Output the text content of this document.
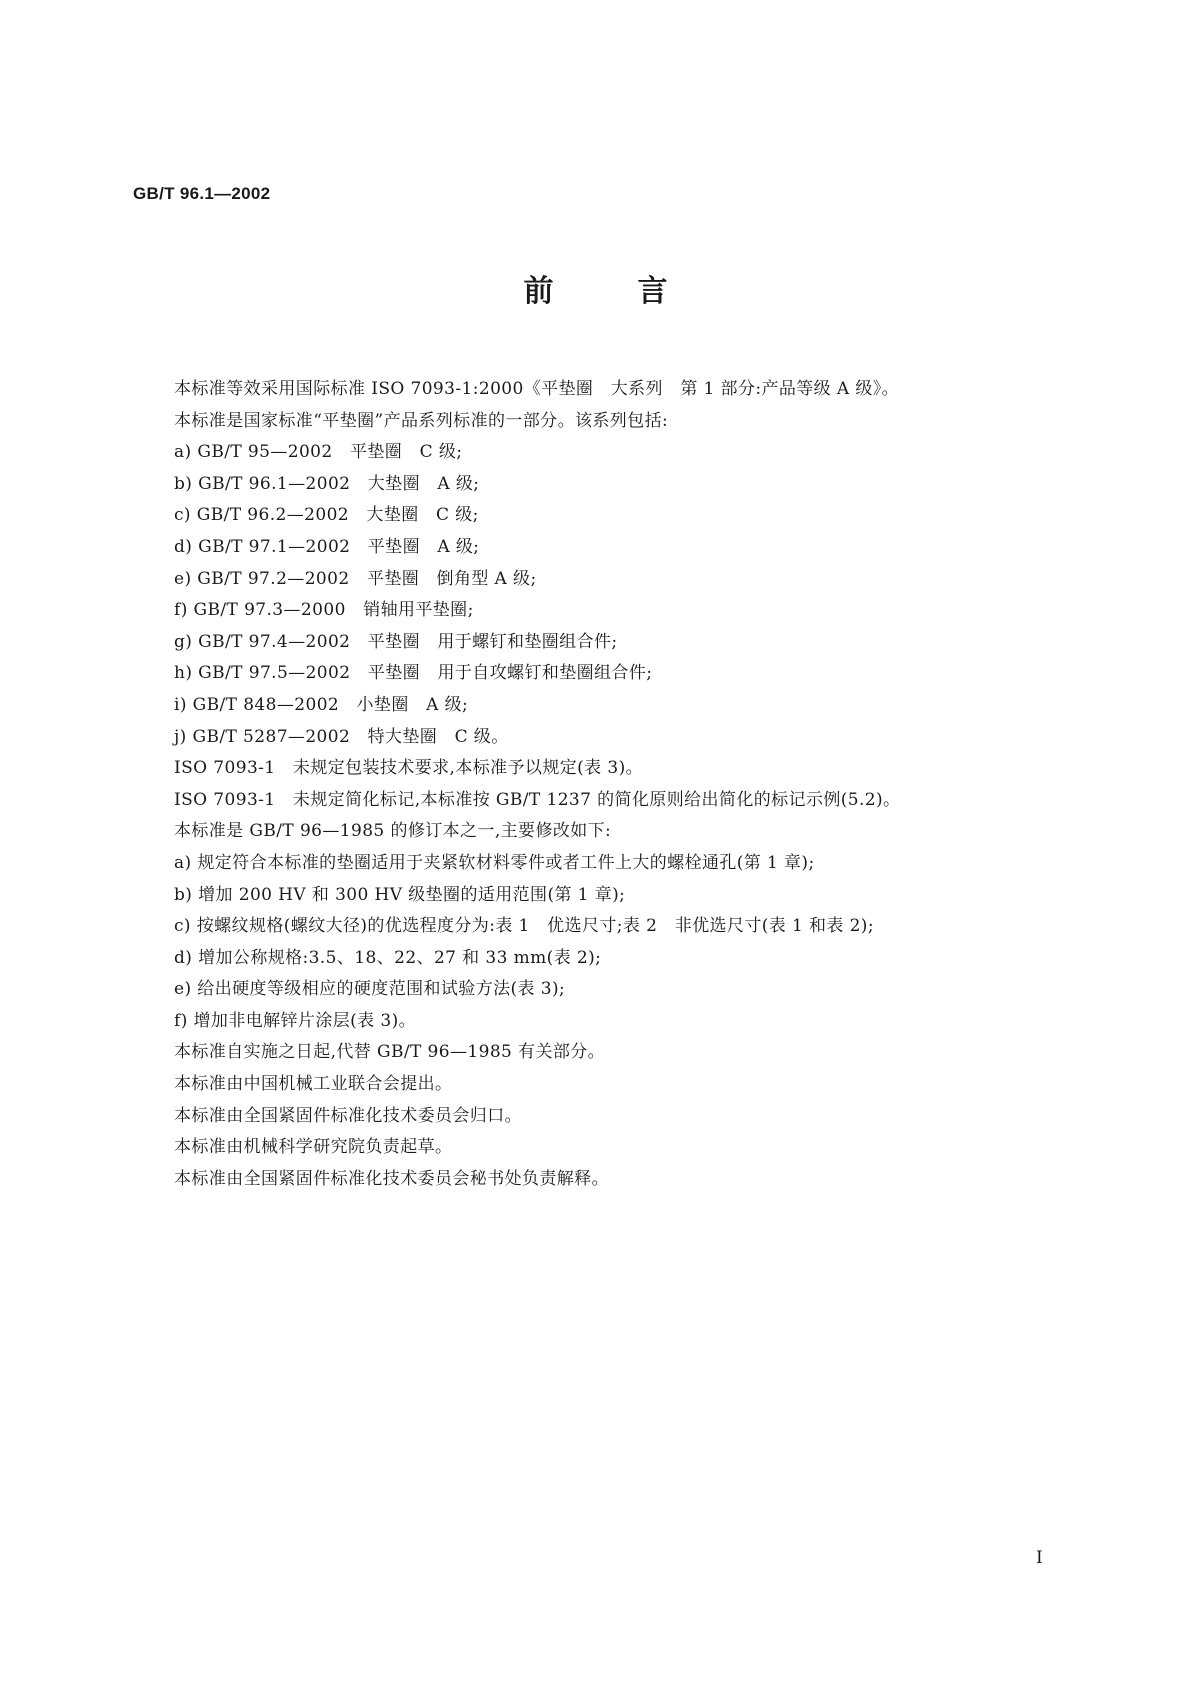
GB/T 96.1—2002
前	言
本标准等效采用国际标准 ISO 7093-1:2000《平垫圈　大系列　第 1 部分:产品等级 A 级》。
本标准是国家标准“平垫圈”产品系列标准的一部分。该系列包括:
a) GB/T 95—2002　平垫圈　C 级;
b) GB/T 96.1—2002　大垫圈　A 级;
c) GB/T 96.2—2002　大垫圈　C 级;
d) GB/T 97.1—2002　平垫圈　A 级;
e) GB/T 97.2—2002　平垫圈　倒角型 A 级;
f) GB/T 97.3—2000　销轴用平垫圈;
g) GB/T 97.4—2002　平垫圈　用于螺钉和垫圈组合件;
h) GB/T 97.5—2002　平垫圈　用于自攻螺钉和垫圈组合件;
i) GB/T 848—2002　小垫圈　A 级;
j) GB/T 5287—2002　特大垫圈　C 级。
ISO 7093-1　未规定包装技术要求,本标准予以规定(表 3)。
ISO 7093-1　未规定简化标记,本标准按 GB/T 1237 的简化原则给出简化的标记示例(5.2)。
本标准是 GB/T 96—1985 的修订本之一,主要修改如下:
a) 规定符合本标准的垫圈适用于夹紧软材料零件或者工件上大的螺栓通孔(第 1 章);
b) 增加 200 HV 和 300 HV 级垫圈的适用范围(第 1 章);
c) 按螺纹规格(螺纹大径)的优选程度分为:表 1　优选尺寸;表 2　非优选尺寸(表 1 和表 2);
d) 增加公称规格:3.5、18、22、27 和 33 mm(表 2);
e) 给出硬度等级相应的硬度范围和试验方法(表 3);
f) 增加非电解锌片涂层(表 3)。
本标准自实施之日起,代替 GB/T 96—1985 有关部分。
本标准由中国机械工业联合会提出。
本标准由全国紧固件标准化技术委员会归口。
本标准由机械科学研究院负责起草。
本标准由全国紧固件标准化技术委员会秘书处负责解释。
I
